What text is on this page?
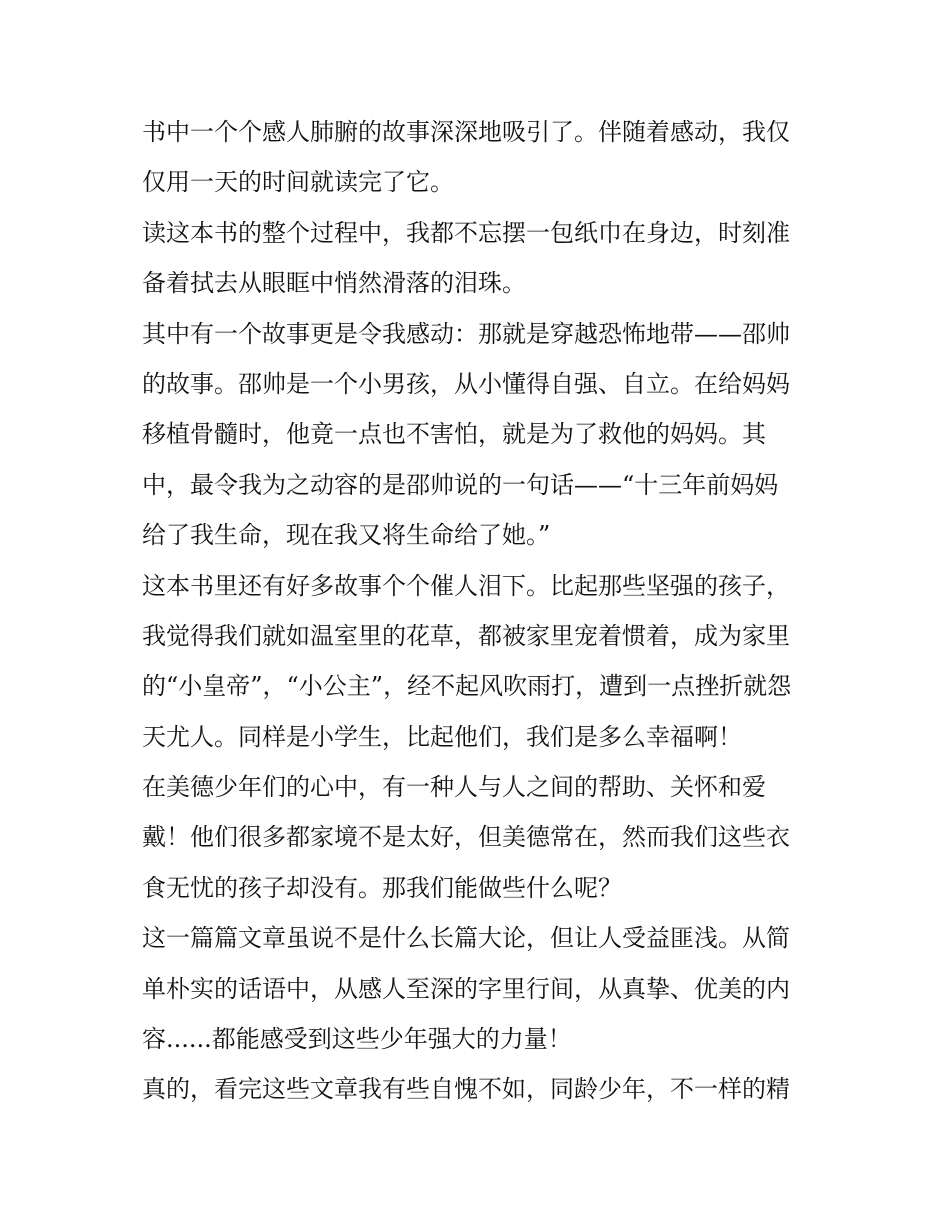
书中一个个感人肺腑的故事深深地吸引了。伴随着感动，我仅
仅用一天的时间就读完了它。
读这本书的整个过程中，我都不忘摆一包纸巾在身边，时刻准
备着拭去从眼眶中悄然滑落的泪珠。
其中有一个故事更是令我感动：那就是穿越恐怖地带——邵帅
的故事。邵帅是一个小男孩，从小懂得自强、自立。在给妈妈
移植骨髓时，他竟一点也不害怕，就是为了救他的妈妈。其
中，最令我为之动容的是邵帅说的一句话——“十三年前妈妈
给了我生命，现在我又将生命给了她。”
这本书里还有好多故事个个催人泪下。比起那些坚强的孩子，
我觉得我们就如温室里的花草，都被家里宠着惯着，成为家里
的“小皇帝”，“小公主”，经不起风吹雨打，遭到一点挫折就怨
天尤人。同样是小学生，比起他们，我们是多么幸福啊！
在美德少年们的心中，有一种人与人之间的帮助、关怀和爱
戴！他们很多都家境不是太好，但美德常在，然而我们这些衣
食无忧的孩子却没有。那我们能做些什么呢？
这一篇篇文章虽说不是什么长篇大论，但让人受益匪浅。从简
单朴实的话语中，从感人至深的字里行间，从真挚、优美的内
容......都能感受到这些少年强大的力量！
真的，看完这些文章我有些自愧不如，同龄少年，不一样的精
